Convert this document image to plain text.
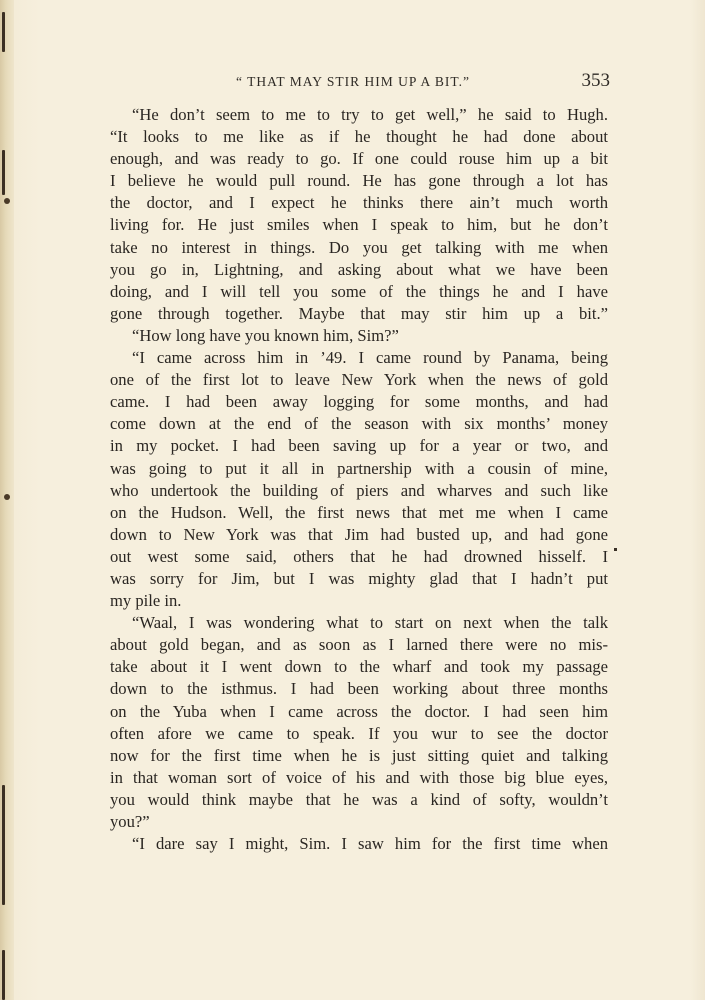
“ THAT MAY STIR HIM UP A BIT.”	353
“He don’t seem to me to try to get well,” he said to Hugh.
“It looks to me like as if he thought he had done about
enough, and was ready to go. If one could rouse him up a bit
I believe he would pull round. He has gone through a lot has
the doctor, and I expect he thinks there ain’t much worth
living for. He just smiles when I speak to him, but he don’t
take no interest in things. Do you get talking with me when
you go in, Lightning, and asking about what we have been
doing, and I will tell you some of the things he and I have
gone through together. Maybe that may stir him up a bit.”
“How long have you known him, Sim?”
“I came across him in ’49. I came round by Panama, being
one of the first lot to leave New York when the news of gold
came. I had been away logging for some months, and had
come down at the end of the season with six months’ money
in my pocket. I had been saving up for a year or two, and
was going to put it all in partnership with a cousin of mine,
who undertook the building of piers and wharves and such like
on the Hudson. Well, the first news that met me when I came
down to New York was that Jim had busted up, and had gone
out west some said, others that he had drowned hisself. I
was sorry for Jim, but I was mighty glad that I hadn’t put
my pile in.
“Waal, I was wondering what to start on next when the talk
about gold began, and as soon as I larned there were no mis-
take about it I went down to the wharf and took my passage
down to the isthmus. I had been working about three months
on the Yuba when I came across the doctor. I had seen him
often afore we came to speak. If you wur to see the doctor
now for the first time when he is just sitting quiet and talking
in that woman sort of voice of his and with those big blue eyes,
you would think maybe that he was a kind of softy, wouldn’t
you?”
“I dare say I might, Sim. I saw him for the first time when
